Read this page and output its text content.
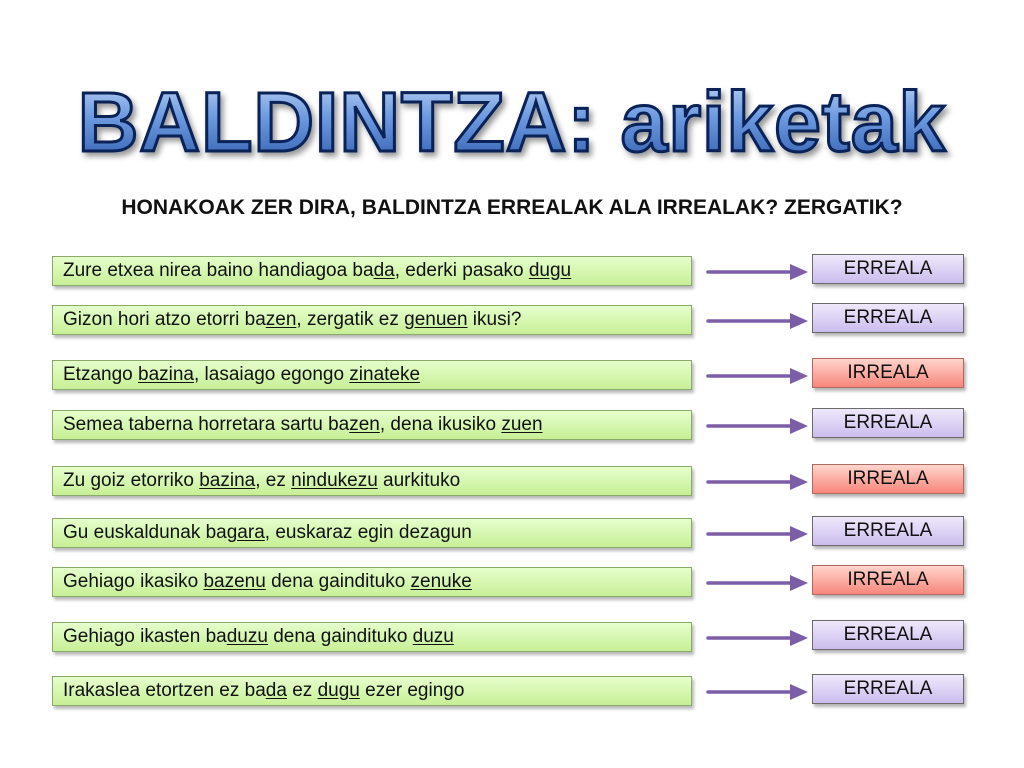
BALDINTZA: ariketak
HONAKOAK ZER DIRA, BALDINTZA ERREALAK ALA IRREALAK? ZERGATIK?
Zure etxea nirea baino handiagoa bada, ederki pasako dugu	ERREALA
Gizon hori atzo etorri bazen, zergatik ez genuen ikusi?	ERREALA
Etzango bazina, lasaiago egongo zinateke	IRREALA
Semea taberna horretara sartu bazen, dena ikusiko zuen	ERREALA
Zu goiz etorriko bazina, ez nindukezu aurkituko	IRREALA
Gu euskaldunak bagara, euskaraz egin dezagun	ERREALA
Gehiago ikasiko bazenu dena gaindituko zenuke	IRREALA
Gehiago ikasten baduzu dena gaindituko duzu	ERREALA
Irakaslea etortzen ez bada ez dugu ezer egingo	ERREALA
